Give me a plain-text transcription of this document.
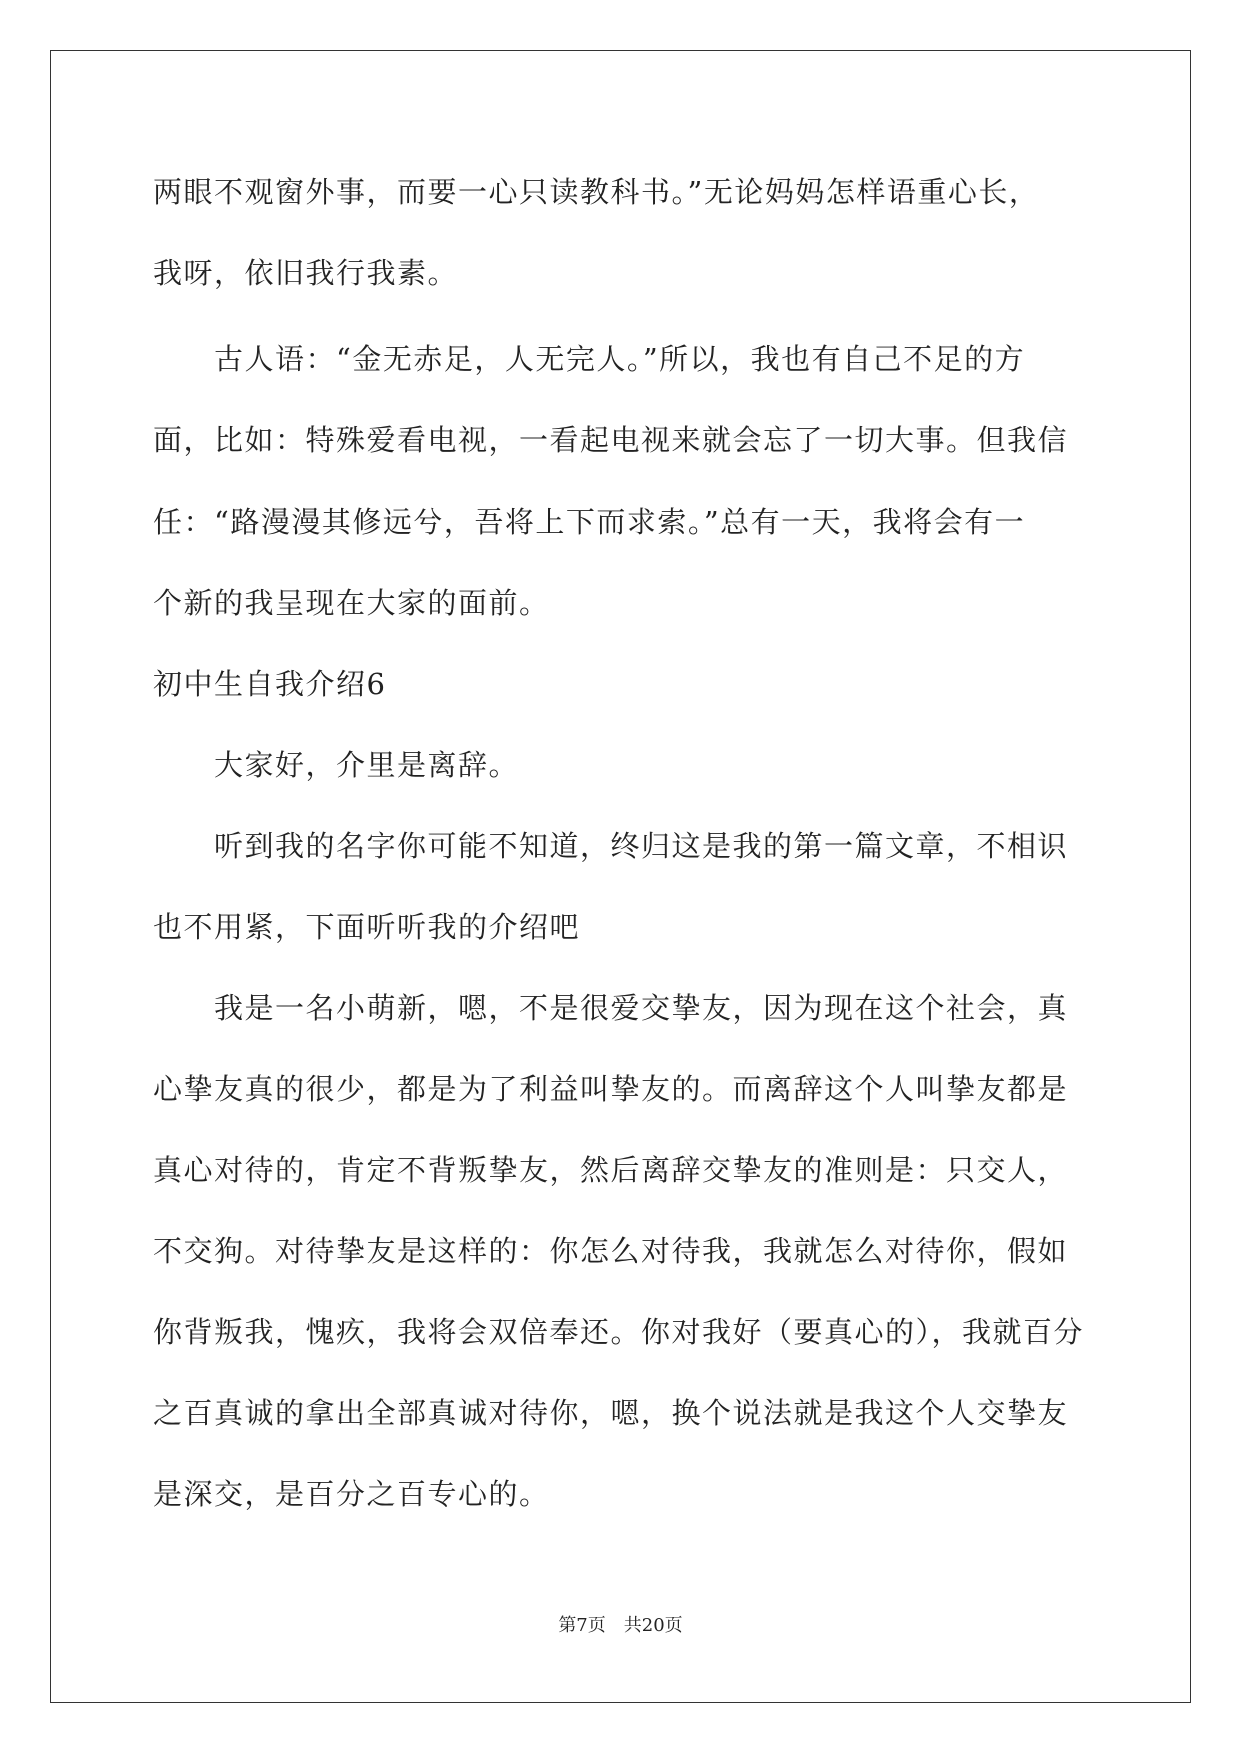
两眼不观窗外事，而要一心只读教科书。”无论妈妈怎样语重心长，
我呀，依旧我行我素。
　　古人语：“金无赤足，人无完人。”所以，我也有自己不足的方
面，比如：特殊爱看电视，一看起电视来就会忘了一切大事。但我信
任：“路漫漫其修远兮，吾将上下而求索。”总有一天，我将会有一
个新的我呈现在大家的面前。
初中生自我介绍6
　　大家好，介里是离辞。
　　听到我的名字你可能不知道，终归这是我的第一篇文章，不相识
也不用紧，下面听听我的介绍吧
　　我是一名小萌新，嗯，不是很爱交挚友，因为现在这个社会，真
心挚友真的很少，都是为了利益叫挚友的。而离辞这个人叫挚友都是
真心对待的，肯定不背叛挚友，然后离辞交挚友的准则是：只交人，
不交狗。对待挚友是这样的：你怎么对待我，我就怎么对待你，假如
你背叛我，愧疚，我将会双倍奉还。你对我好（要真心的），我就百分
之百真诚的拿出全部真诚对待你，嗯，换个说法就是我这个人交挚友
是深交，是百分之百专心的。
第7页　共20页
